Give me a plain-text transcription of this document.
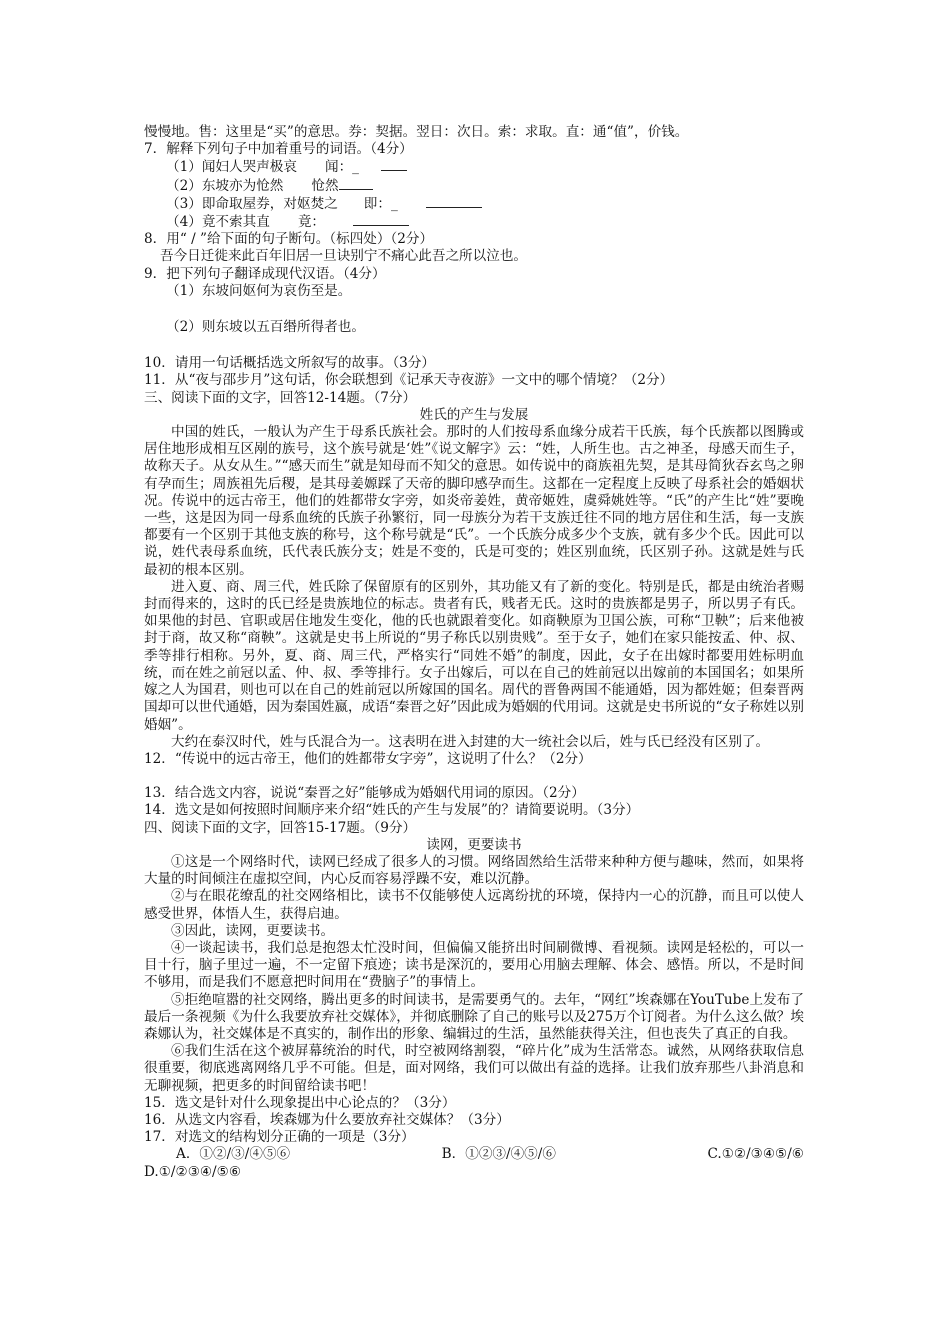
慢慢地。售：这里是“买”的意思。券：契据。翌日：次日。索：求取。直：通“值”，价钱。
7．解释下列句子中加着重号的词语。（4分）
（1）闻妇人哭声极哀 闻：_
（2）东坡亦为怆然 怆然
（3）即命取屋券，对妪焚之 即：_
（4）竟不索其直 竟：
8．用“ / ”给下面的句子断句。（标四处）（2分）
吾今日迁徙来此百年旧居一旦诀别宁不痛心此吾之所以泣也。
9．把下列句子翻译成现代汉语。（4分）
（1）东坡问妪何为哀伤至是。
（2）则东坡以五百缗所得者也。
10．请用一句话概括选文所叙写的故事。（3分）
11．从“夜与邵步月”这句话，你会联想到《记承天寺夜游》一文中的哪个情境？（2分）
三、阅读下面的文字，回答12-14题。（7分）
姓氏的产生与发展
中国的姓氏，一般认为产生于母系氏族社会。那时的人们按母系血缘分成若干氏族，每个氏族都以图腾或居住地形成相互区剐的族号，这个族号就是‘姓”《说文解字》云：“姓，人所生也。古之神圣，母感天而生子，故称天子。从女从生。”“感天而生”就是知母而不知父的意思。如传说中的商族祖先契，是其母简狄吞玄鸟之卵有孕而生；周族祖先后稷，是其母姜嫄踩了天帝的脚印感孕而生。这都在一定程度上反映了母系社会的婚姻状况。传说中的远古帝王，他们的姓都带女字旁，如炎帝姜姓，黄帝姬姓，虞舜姚姓等。“氏”的产生比“姓”要晚一些，这是因为同一母系血统的氏族子孙繁衍，同一母族分为若干支族迁往不同的地方居住和生活，每一支族都要有一个区别于其他支族的称号，这个称号就是“氏”。一个氏族分成多少个支族，就有多少个氏。因此可以说，姓代表母系血统，氏代表氏族分支；姓是不变的，氏是可变的；姓区别血统，氏区别子孙。这就是姓与氏最初的根本区别。
进入夏、商、周三代，姓氏除了保留原有的区别外，其功能又有了新的变化。特别是氏，都是由统治者赐封而得来的，这时的氏已经是贵族地位的标志。贵者有氏，贱者无氏。这时的贵族都是男子，所以男子有氏。如果他的封邑、官职或居住地发生变化，他的氏也就跟着变化。如商鞅原为卫国公族，可称“卫鞅”；后来他被封于商，故又称“商鞅”。这就是史书上所说的“男子称氏以别贵贱”。至于女子，她们在家只能按孟、仲、叔、季等排行相称。另外，夏、商、周三代，严格实行“同姓不婚”的制度，因此，女子在出嫁时都要用姓标明血统，而在姓之前冠以孟、仲、叔、季等排行。女子出嫁后，可以在自己的姓前冠以出嫁前的本国国名；如果所嫁之人为国君，则也可以在自己的姓前冠以所嫁国的国名。周代的晋鲁两国不能通婚，因为都姓姬；但秦晋两国却可以世代通婚，因为秦国姓嬴，成语“秦晋之好”因此成为婚姻的代用词。这就是史书所说的“女子称姓以别婚姻”。
大约在泰汉时代，姓与氏混合为一。这表明在进入封建的大一统社会以后，姓与氏已经没有区别了。
12．“传说中的远古帝王，他们的姓都带女字旁”，这说明了什么？（2分）
13．结合选文内容，说说“秦晋之好”能够成为婚姻代用词的原因。（2分）
14．选文是如何按照时间顺序来介绍“姓氏的产生与发展”的？请简要说明。（3分）
四、阅读下面的文字，回答15-17题。（9分）
读网，更要读书
①这是一个网络时代，读网已经成了很多人的习惯。网络固然给生活带来种种方便与趣味，然而，如果将大量的时间倾注在虚拟空间，内心反而容易浮躁不安，难以沉静。
②与在眼花缭乱的社交网络相比，读书不仅能够使人远离纷扰的环境，保持内一心的沉静，而且可以使人感受世界，体悟人生，获得启迪。
③因此，读网，更要读书。
④一谈起读书，我们总是抱怨太忙没时间，但偏偏又能挤出时间刷微博、看视频。读网是轻松的，可以一目十行，脑子里过一遍，不一定留下痕迹；读书是深沉的，要用心用脑去理解、体会、感悟。所以，不是时间不够用，而是我们不愿意把时间用在“费脑子”的事情上。
⑤拒绝喧嚣的社交网络，腾出更多的时间读书，是需要勇气的。去年，“网红”埃森娜在YouTube上发布了最后一条视频《为什么我要放弃社交媒体》，并彻底删除了自己的账号以及275万个订阅者。为什么这么做？埃森娜认为，社交媒体是不真实的，制作出的形象、编辑过的生活，虽然能获得关注，但也丧失了真正的自我。
⑥我们生活在这个被屏幕统治的时代，时空被网络割裂，“碎片化”成为生活常态。诚然，从网络获取信息很重要，彻底逃离网络几乎不可能。但是，面对网络，我们可以做出有益的选择。让我们放弃那些八卦消息和无聊视频，把更多的时间留给读书吧！
15．选文是针对什么现象提出中心论点的？（3分）
16．从选文内容看，埃森娜为什么要放弃社交媒体？（3分）
17．对选文的结构划分正确的一项是（3分）
A．①②/③/④⑤⑥	B．①②③/④⑤/⑥	C.①②/③④⑤/⑥
D.①/②③④/⑤⑥
